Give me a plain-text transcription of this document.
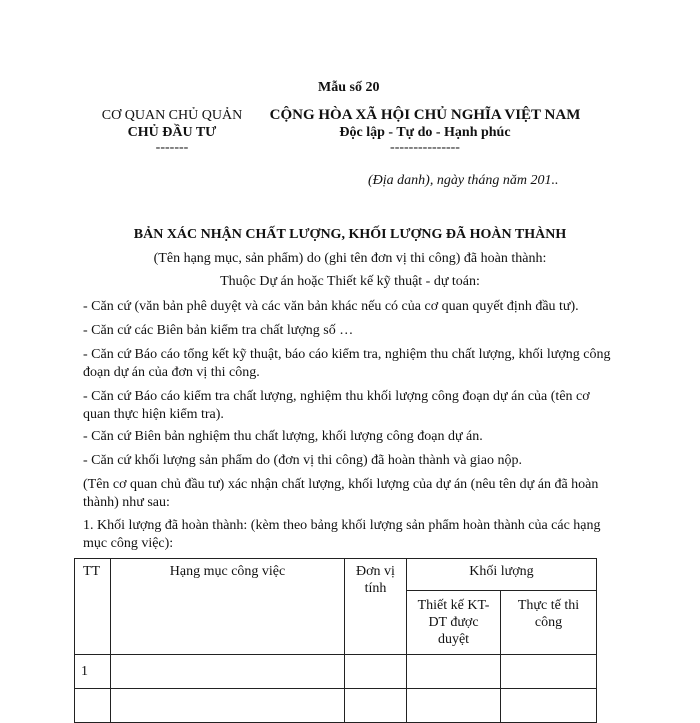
Mẫu số 20
CƠ QUAN CHỦ QUẢN
CHỦ ĐẦU TƯ
-------
CỘNG HÒA XÃ HỘI CHỦ NGHĨA VIỆT NAM
Độc lập - Tự do - Hạnh phúc
---------------
(Địa danh), ngày tháng năm 201..
BẢN XÁC NHẬN CHẤT LƯỢNG, KHỐI LƯỢNG ĐÃ HOÀN THÀNH
(Tên hạng mục, sản phẩm) do (ghi tên đơn vị thi công) đã hoàn thành:
Thuộc Dự án hoặc Thiết kế kỹ thuật - dự toán:
- Căn cứ (văn bản phê duyệt và các văn bản khác nếu có của cơ quan quyết định đầu tư).
- Căn cứ các Biên bản kiểm tra chất lượng số …
- Căn cứ Báo cáo tổng kết kỹ thuật, báo cáo kiểm tra, nghiệm thu chất lượng, khối lượng công đoạn dự án của đơn vị thi công.
- Căn cứ Báo cáo kiểm tra chất lượng, nghiệm thu khối lượng công đoạn dự án của (tên cơ quan thực hiện kiểm tra).
- Căn cứ Biên bản nghiệm thu chất lượng, khối lượng công đoạn dự án.
- Căn cứ khối lượng sản phẩm do (đơn vị thi công) đã hoàn thành và giao nộp.
(Tên cơ quan chủ đầu tư) xác nhận chất lượng, khối lượng của dự án (nêu tên dự án đã hoàn thành) như sau:
1. Khối lượng đã hoàn thành: (kèm theo bảng khối lượng sản phẩm hoàn thành của các hạng mục công việc):
TT	Hạng mục công việc	Đơn vị tính	Khối lượng	
			Thiết kế KT-DT được duyệt	Thực tế thi công
1				
